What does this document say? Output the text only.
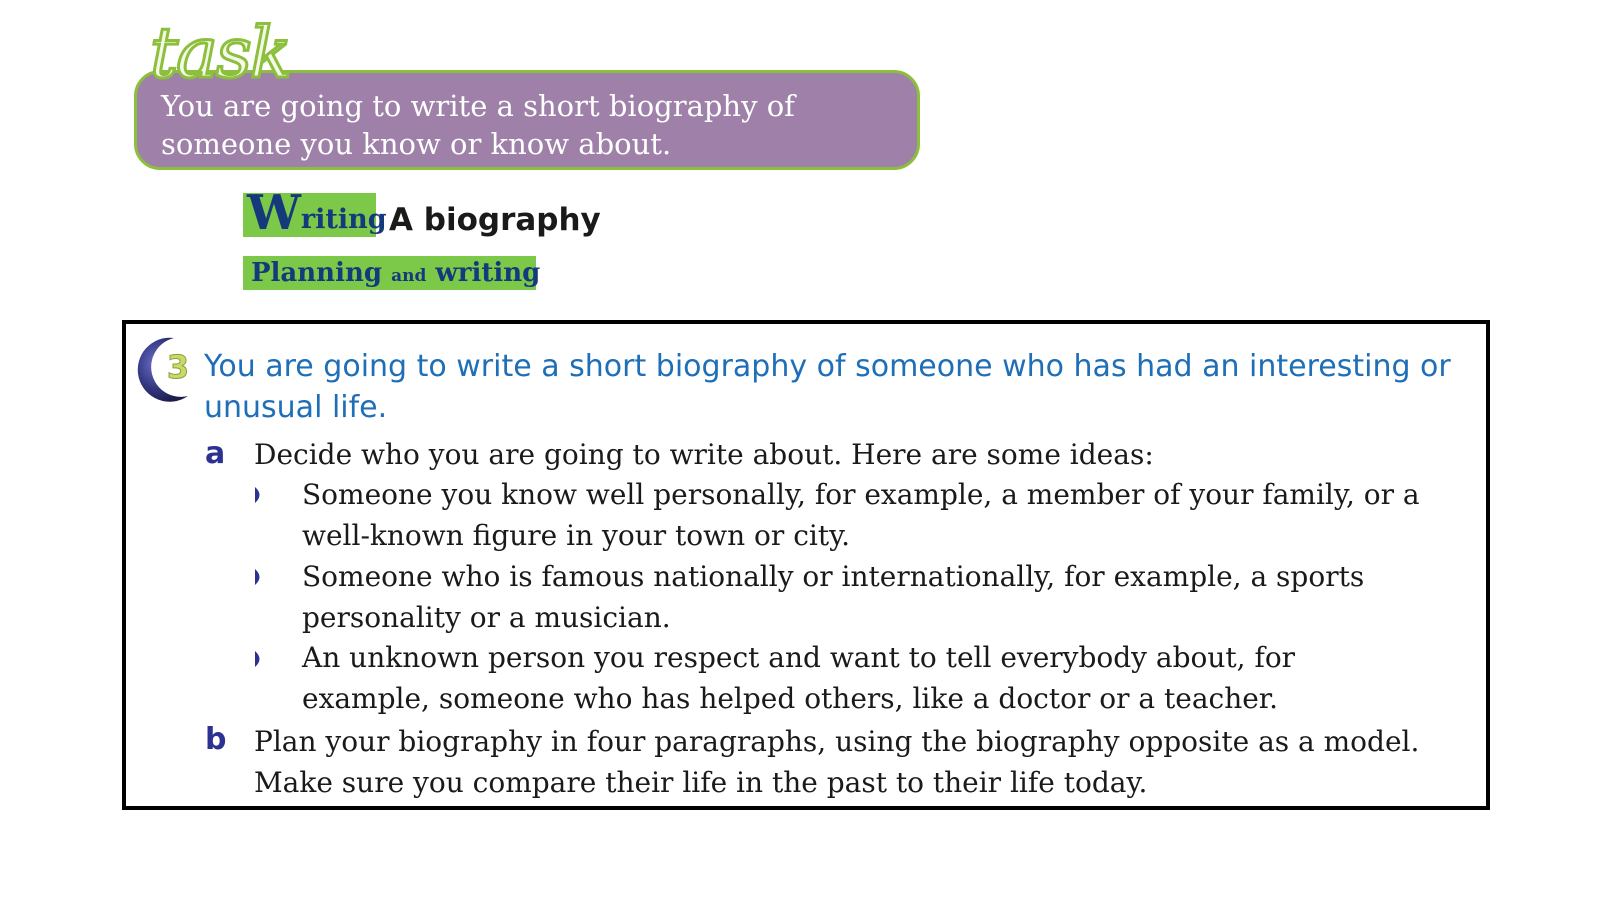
task
You are going to write a short biography of someone you know or know about.
W riting A biography
Planning and writing
3 You are going to write a short biography of someone who has had an interesting or unusual life.

a Decide who you are going to write about. Here are some ideas:

Someone you know well personally, for example, a member of your family, or a well-known figure in your town or city.

Someone who is famous nationally or internationally, for example, a sports personality or a musician.

An unknown person you respect and want to tell everybody about, for example, someone who has helped others, like a doctor or a teacher.

b Plan your biography in four paragraphs, using the biography opposite as a model. Make sure you compare their life in the past to their life today.
